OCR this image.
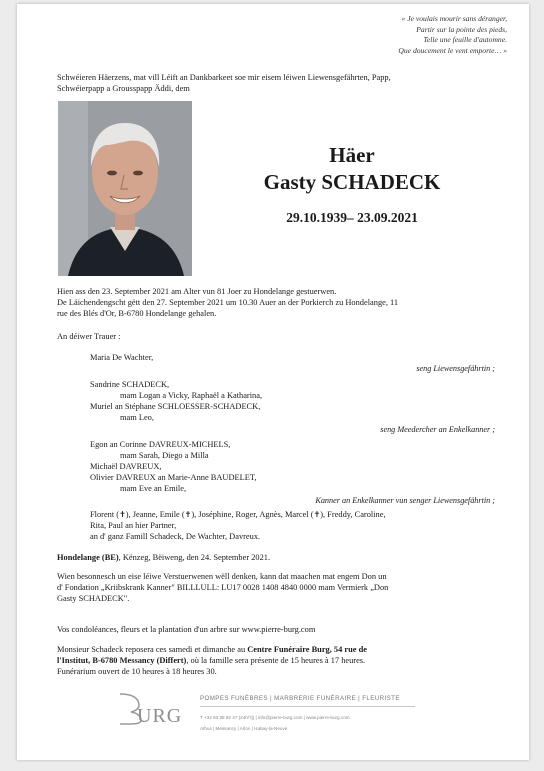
« Je voulais mourir sans déranger,
Partir sur la pointe des pieds,
Telle une feuille d'automne.
Que doucement le vent emporte… »
Schwéieren Häerzens, mat vill Léift an Dankbarkeet soe mir eisem léiwen Liewensgefährten, Papp,
Schwéierpapp a Grousspapp Äddi, dem
Häer
Gasty SCHADECK
29.10.1939– 23.09.2021
Hien ass den 23. September 2021 am Alter vun 81 Joer zu Hondelange gestuerwen.
De Läichendengscht gëtt den 27. September 2021 um 10.30 Auer an der Porkierch zu Hondelange, 11
rue des Blés d'Or, B-6780 Hondelange gehalen.
An déiwer Trauer :
Maria De Wachter,
seng Liewensgefährtin ;
Sandrine SCHADECK,
mam Logan a Vicky, Raphaël a Katharina,
Muriel an Stéphane SCHLOESSER-SCHADECK,
mam Leo,
seng Meedercher an Enkelkanner ;
Egon an Corinne DAVREUX-MICHELS,
mam Sarah, Diego a Milla
Michaël DAVREUX,
Olivier DAVREUX an Marie-Anne BAUDELET,
mam Eve an Emile,
Kanner an Enkelkanner vun senger Liewensgefährtin ;
Florent (✝), Jeanne, Emile (✝), Joséphine, Roger, Agnès, Marcel (✝), Freddy, Caroline,
Rita, Paul an hier Partner,
an d' ganz Famill Schadeck, De Wachter, Davreux.
Hondelange (BE), Kënzeg, Bëiweng, den 24. September 2021.
Wien besonnesch un eise léiwe Verstuerwenen wëll denken, kann dat maachen mat engem Don un
d' Fondation „Kriibskrank Kanner" BILLLULL: LU17 0028 1408 4840 0000 mam Vermierk „Don
Gasty SCHADECK".
Vos condoléances, fleurs et la plantation d'un arbre sur www.pierre-burg.com
Monsieur Schadeck reposera ces samedi et dimanche au Centre Funéraire Burg, 54 rue de
l'Institut, B-6780 Messancy (Differt), où la famille sera présente de 15 heures à 17 heures.
Funérarium ouvert de 10 heures à 18 heures 30.
URG
POMPES FUNÈBRES | MARBRERIE FUNÉRAIRE | FLEURISTE
T +32 63 38 82 47 (24h/7j) | info@pierre-burg.com | www.pierre-burg.com
Athus | Messancy | Arlon | Habay-la-Neuve
